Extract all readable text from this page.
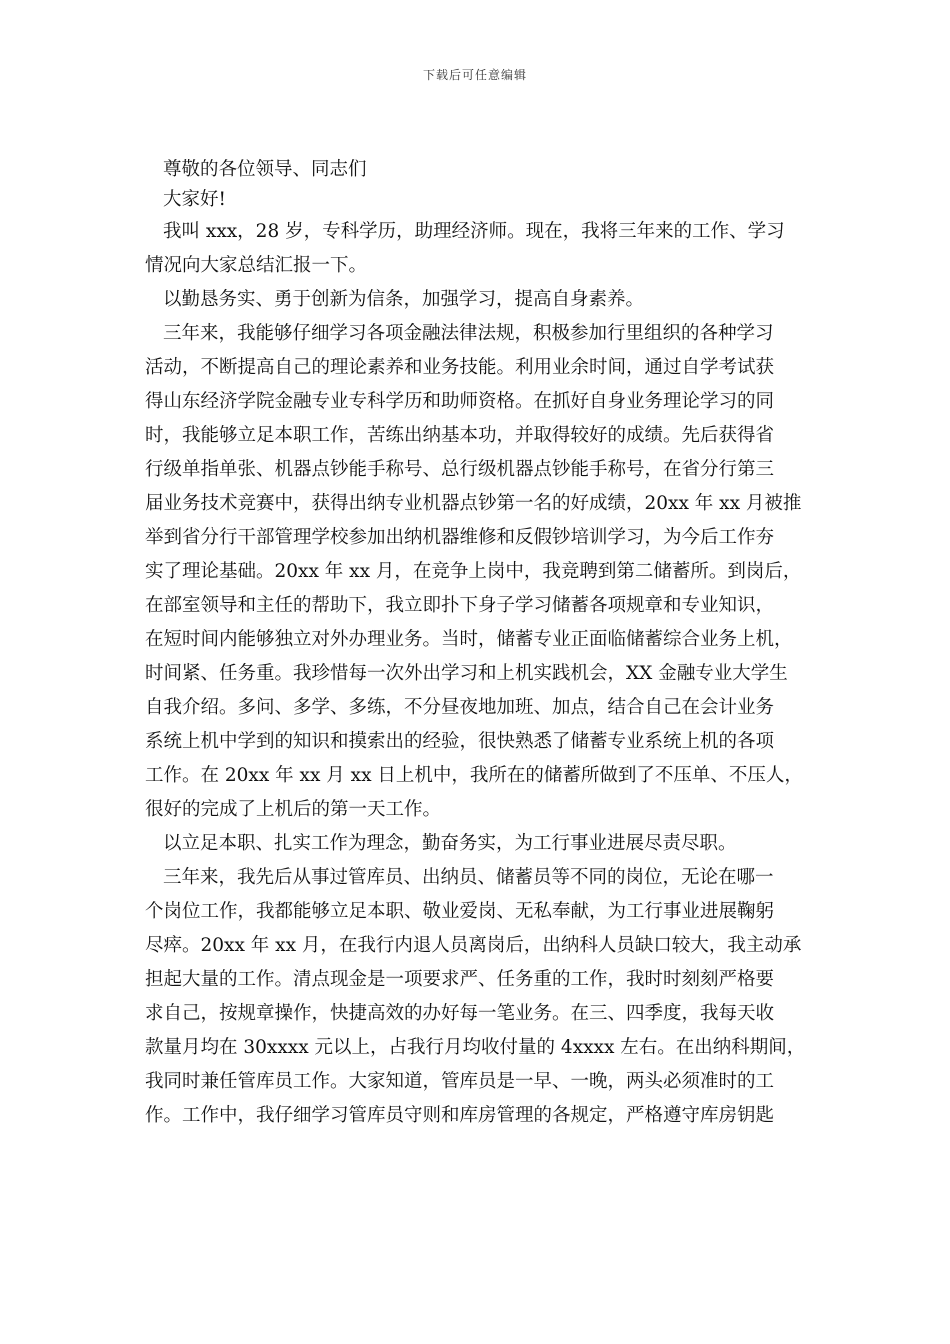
下载后可任意编辑
尊敬的各位领导、同志们
大家好!
我叫 xxx，28 岁，专科学历，助理经济师。现在，我将三年来的工作、学习
情况向大家总结汇报一下。
以勤恳务实、勇于创新为信条，加强学习，提高自身素养。
三年来，我能够仔细学习各项金融法律法规，积极参加行里组织的各种学习
活动，不断提高自己的理论素养和业务技能。利用业余时间，通过自学考试获
得山东经济学院金融专业专科学历和助师资格。在抓好自身业务理论学习的同
时，我能够立足本职工作，苦练出纳基本功，并取得较好的成绩。先后获得省
行级单指单张、机器点钞能手称号、总行级机器点钞能手称号，在省分行第三
届业务技术竞赛中，获得出纳专业机器点钞第一名的好成绩，20xx 年 xx 月被推
举到省分行干部管理学校参加出纳机器维修和反假钞培训学习，为今后工作夯
实了理论基础。20xx 年 xx 月，在竞争上岗中，我竞聘到第二储蓄所。到岗后，
在部室领导和主任的帮助下，我立即扑下身子学习储蓄各项规章和专业知识，
在短时间内能够独立对外办理业务。当时，储蓄专业正面临储蓄综合业务上机，
时间紧、任务重。我珍惜每一次外出学习和上机实践机会，XX 金融专业大学生
自我介绍。多问、多学、多练，不分昼夜地加班、加点，结合自己在会计业务
系统上机中学到的知识和摸索出的经验，很快熟悉了储蓄专业系统上机的各项
工作。在 20xx 年 xx 月 xx 日上机中，我所在的储蓄所做到了不压单、不压人，
很好的完成了上机后的第一天工作。
以立足本职、扎实工作为理念，勤奋务实，为工行事业进展尽责尽职。
三年来，我先后从事过管库员、出纳员、储蓄员等不同的岗位，无论在哪一
个岗位工作，我都能够立足本职、敬业爱岗、无私奉献，为工行事业进展鞠躬
尽瘁。20xx 年 xx 月，在我行内退人员离岗后，出纳科人员缺口较大，我主动承
担起大量的工作。清点现金是一项要求严、任务重的工作，我时时刻刻严格要
求自己，按规章操作，快捷高效的办好每一笔业务。在三、四季度，我每天收
款量月均在 30xxxx 元以上，占我行月均收付量的 4xxxx 左右。在出纳科期间，
我同时兼任管库员工作。大家知道，管库员是一早、一晚，两头必须准时的工
作。工作中，我仔细学习管库员守则和库房管理的各规定，严格遵守库房钥匙
